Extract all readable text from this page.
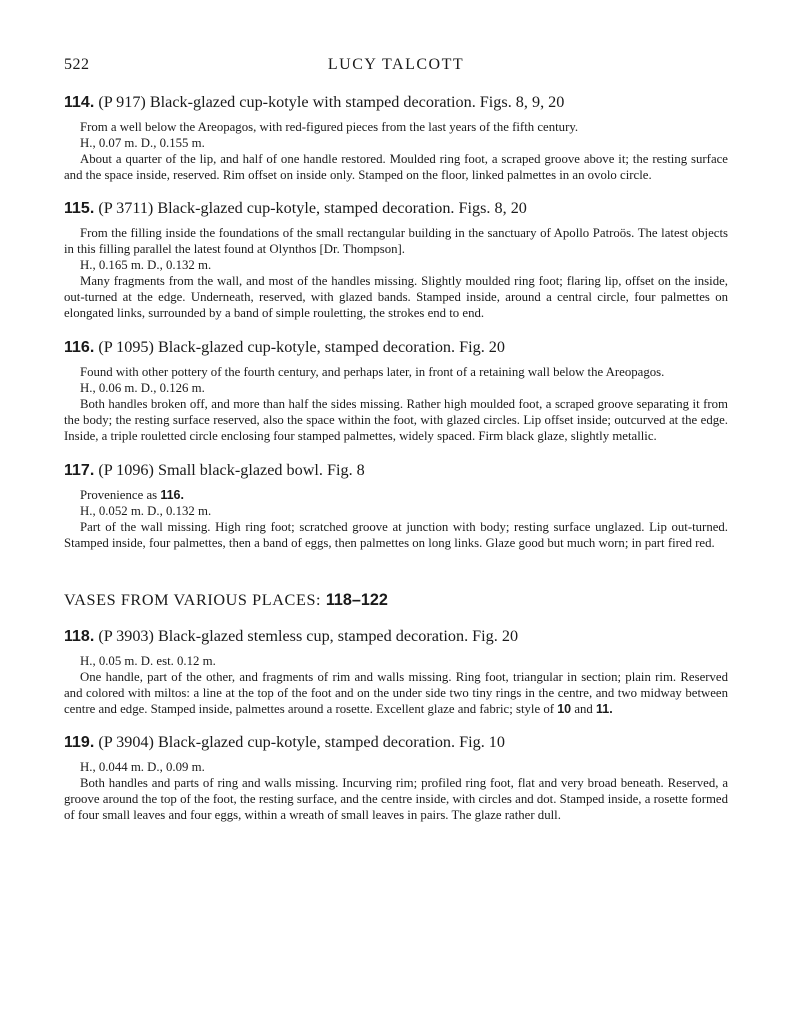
522	LUCY TALCOTT
114. (P 917) Black-glazed cup-kotyle with stamped decoration. Figs. 8, 9, 20

From a well below the Areopagos, with red-figured pieces from the last years of the fifth century.

H., 0.07 m. D., 0.155 m.

About a quarter of the lip, and half of one handle restored. Moulded ring foot, a scraped groove above it; the resting surface and the space inside, reserved. Rim offset on inside only. Stamped on the floor, linked palmettes in an ovolo circle.

115. (P 3711) Black-glazed cup-kotyle, stamped decoration. Figs. 8, 20

From the filling inside the foundations of the small rectangular building in the sanctuary of Apollo Patroös. The latest objects in this filling parallel the latest found at Olynthos [Dr. Thompson].

H., 0.165 m. D., 0.132 m.

Many fragments from the wall, and most of the handles missing. Slightly moulded ring foot; flaring lip, offset on the inside, out-turned at the edge. Underneath, reserved, with glazed bands. Stamped inside, around a central circle, four palmettes on elongated links, surrounded by a band of simple rouletting, the strokes end to end.

116. (P 1095) Black-glazed cup-kotyle, stamped decoration. Fig. 20

Found with other pottery of the fourth century, and perhaps later, in front of a retaining wall below the Areopagos.

H., 0.06 m. D., 0.126 m.

Both handles broken off, and more than half the sides missing. Rather high moulded foot, a scraped groove separating it from the body; the resting surface reserved, also the space within the foot, with glazed circles. Lip offset inside; outcurved at the edge. Inside, a triple rouletted circle enclosing four stamped palmettes, widely spaced. Firm black glaze, slightly metallic.

117. (P 1096) Small black-glazed bowl. Fig. 8

Provenience as 116.

H., 0.052 m. D., 0.132 m.

Part of the wall missing. High ring foot; scratched groove at junction with body; resting surface unglazed. Lip out-turned. Stamped inside, four palmettes, then a band of eggs, then palmettes on long links. Glaze good but much worn; in part fired red.

VASES FROM VARIOUS PLACES: 118–122
118. (P 3903) Black-glazed stemless cup, stamped decoration. Fig. 20

H., 0.05 m. D. est. 0.12 m.

One handle, part of the other, and fragments of rim and walls missing. Ring foot, triangular in section; plain rim. Reserved and colored with miltos: a line at the top of the foot and on the under side two tiny rings in the centre, and two midway between centre and edge. Stamped inside, palmettes around a rosette. Excellent glaze and fabric; style of 10 and 11.

119. (P 3904) Black-glazed cup-kotyle, stamped decoration. Fig. 10

H., 0.044 m. D., 0.09 m.

Both handles and parts of ring and walls missing. Incurving rim; profiled ring foot, flat and very broad beneath. Reserved, a groove around the top of the foot, the resting surface, and the centre inside, with circles and dot. Stamped inside, a rosette formed of four small leaves and four eggs, within a wreath of small leaves in pairs. The glaze rather dull.
